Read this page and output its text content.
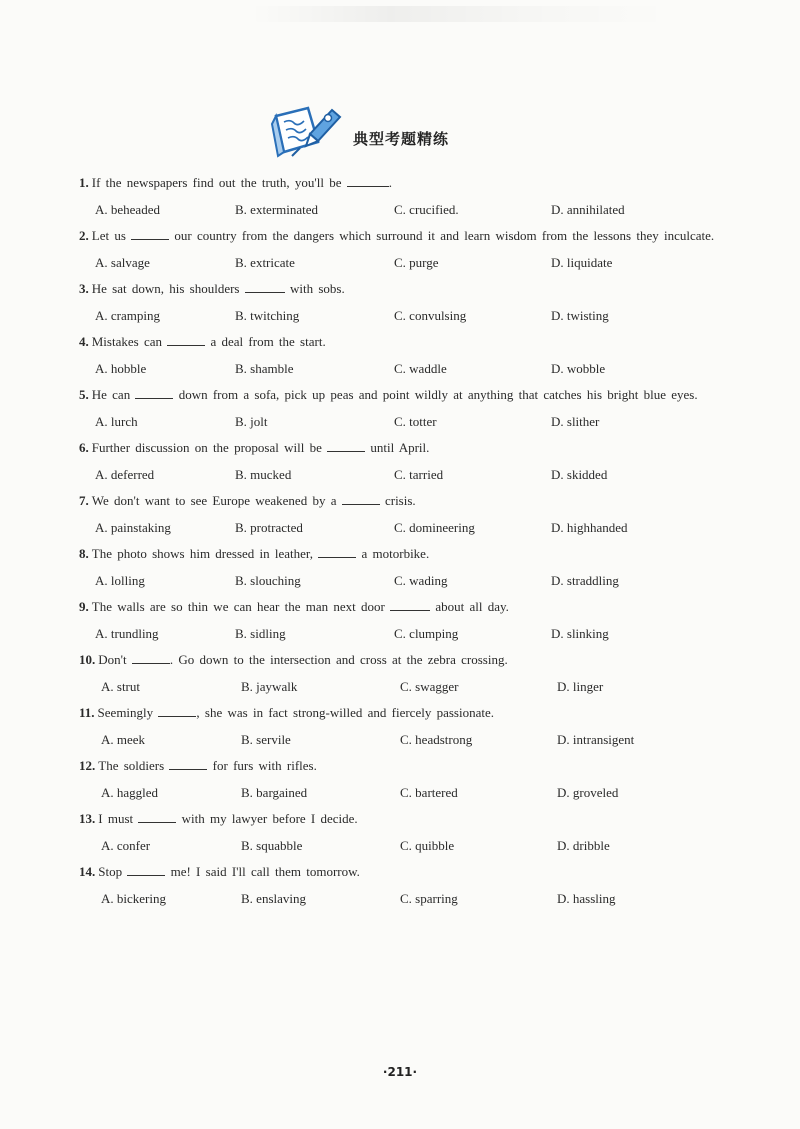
典型考题精练
1. If the newspapers find out the truth, you'll be	.
A. beheaded	B. exterminated	C. crucified.	D. annihilated
2. Let us	our country from the dangers which surround it and learn wisdom from the lessons they inculcate.
A. salvage	B. extricate	C. purge	D. liquidate
3. He sat down, his shoulders	with sobs.
A. cramping	B. twitching	C. convulsing	D. twisting
4. Mistakes can	a deal from the start.
A. hobble	B. shamble	C. waddle	D. wobble
5. He can	down from a sofa, pick up peas and point wildly at anything that catches his bright blue eyes.
A. lurch	B. jolt	C. totter	D. slither
6. Further discussion on the proposal will be	until April.
A. deferred	B. mucked	C. tarried	D. skidded
7. We don't want to see Europe weakened by a	crisis.
A. painstaking	B. protracted	C. domineering	D. highhanded
8. The photo shows him dressed in leather,	a motorbike.
A. lolling	B. slouching	C. wading	D. straddling
9. The walls are so thin we can hear the man next door	about all day.
A. trundling	B. sidling	C. clumping	D. slinking
10. Don't	. Go down to the intersection and cross at the zebra crossing.
A. strut	B. jaywalk	C. swagger	D. linger
11. Seemingly	, she was in fact strong-willed and fiercely passionate.
A. meek	B. servile	C. headstrong	D. intransigent
12. The soldiers	for furs with rifles.
A. haggled	B. bargained	C. bartered	D. groveled
13. I must	with my lawyer before I decide.
A. confer	B. squabble	C. quibble	D. dribble
14. Stop	me! I said I'll call them tomorrow.
A. bickering	B. enslaving	C. sparring	D. hassling
·211·
